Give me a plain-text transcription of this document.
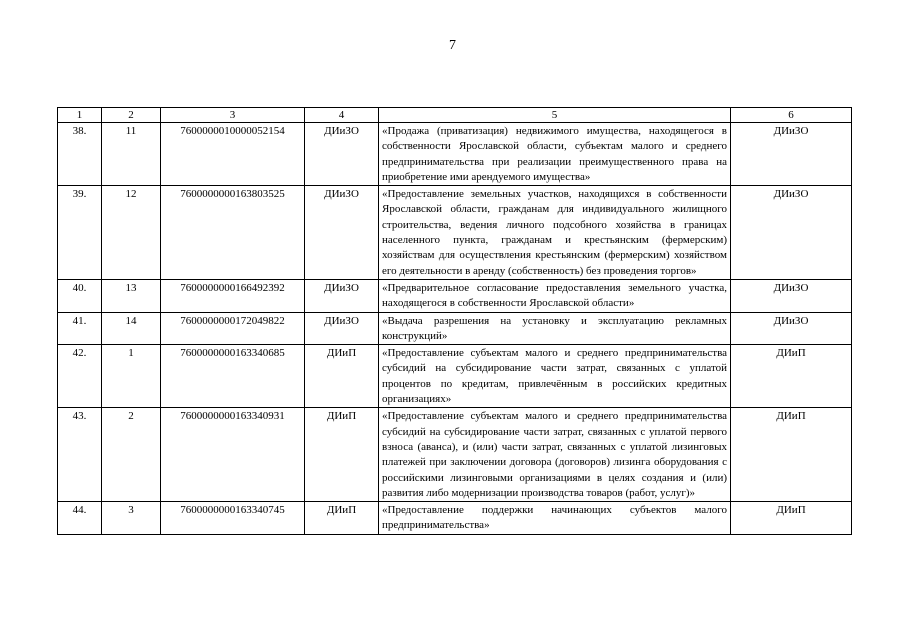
7
1	2	3	4	5	6
38.	11	7600000010000052154	ДИиЗО	«Продажа (приватизация) недвижимого имущества, находящегося в собственности Ярославской области, субъектам малого и среднего предпринимательства при реализации преимущественного права на приобретение ими арендуемого имущества»	ДИиЗО
39.	12	7600000000163803525	ДИиЗО	«Предоставление земельных участков, находящихся в собственности Ярославской области, гражданам для индивидуального жилищного строительства, ведения личного подсобного хозяйства в границах населенного пункта, гражданам и крестьянским (фермерским) хозяйствам для осуществления крестьянским (фермерским) хозяйством его деятельности в аренду (собственность) без проведения торгов»	ДИиЗО
40.	13	7600000000166492392	ДИиЗО	«Предварительное согласование предоставления земельного участка, находящегося в собственности Ярославской области»	ДИиЗО
41.	14	7600000000172049822	ДИиЗО	«Выдача разрешения на установку и эксплуатацию рекламных конструкций»	ДИиЗО
42.	1	7600000000163340685	ДИиП	«Предоставление субъектам малого и среднего предпринимательства субсидий на субсидирование части затрат, связанных с уплатой процентов по кредитам, привлечённым в российских кредитных организациях»	ДИиП
43.	2	7600000000163340931	ДИиП	«Предоставление субъектам малого и среднего предпринимательства субсидий на субсидирование части затрат, связанных с уплатой первого взноса (аванса), и (или) части затрат, связанных с уплатой лизинговых платежей при заключении договора (договоров) лизинга оборудования с российскими лизинговыми организациями в целях создания и (или) развития либо модернизации производства товаров (работ, услуг)»	ДИиП
44.	3	7600000000163340745	ДИиП	«Предоставление поддержки начинающих субъектов малого предпринимательства»	ДИиП
